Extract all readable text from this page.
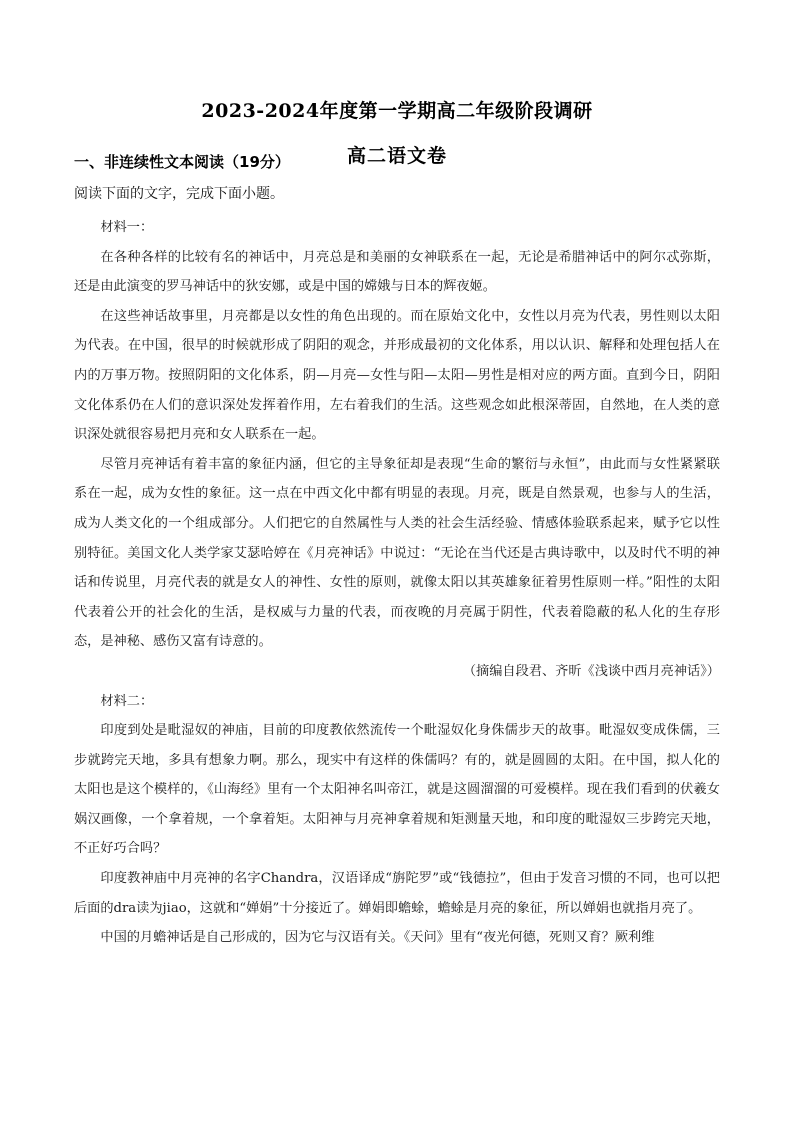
2023-2024年度第一学期高二年级阶段调研
高二语文卷
一、非连续性文本阅读（19分）
阅读下面的文字，完成下面小题。

材料一：

在各种各样的比较有名的神话中，月亮总是和美丽的女神联系在一起，无论是希腊神话中的阿尔忒弥斯，还是由此演变的罗马神话中的狄安娜，或是中国的嫦娥与日本的辉夜姬。

在这些神话故事里，月亮都是以女性的角色出现的。而在原始文化中，女性以月亮为代表，男性则以太阳为代表。在中国，很早的时候就形成了阴阳的观念，并形成最初的文化体系，用以认识、解释和处理包括人在内的万事万物。按照阴阳的文化体系，阴—月亮—女性与阳—太阳—男性是相对应的两方面。直到今日，阴阳文化体系仍在人们的意识深处发挥着作用，左右着我们的生活。这些观念如此根深蒂固，自然地，在人类的意识深处就很容易把月亮和女人联系在一起。

尽管月亮神话有着丰富的象征内涵，但它的主导象征却是表现“生命的繁衍与永恒”，由此而与女性紧紧联系在一起，成为女性的象征。这一点在中西文化中都有明显的表现。月亮，既是自然景观，也参与人的生活，成为人类文化的一个组成部分。人们把它的自然属性与人类的社会生活经验、情感体验联系起来，赋予它以性别特征。美国文化人类学家艾瑟哈婷在《月亮神话》中说过：“无论在当代还是古典诗歌中，以及时代不明的神话和传说里，月亮代表的就是女人的神性、女性的原则，就像太阳以其英雄象征着男性原则一样。”阳性的太阳代表着公开的社会化的生活，是权威与力量的代表，而夜晚的月亮属于阴性，代表着隐蔽的私人化的生存形态，是神秘、感伤又富有诗意的。

（摘编自段君、齐昕《浅谈中西月亮神话》）

材料二：

印度到处是毗湿奴的神庙，目前的印度教依然流传一个毗湿奴化身侏儒步天的故事。毗湿奴变成侏儒，三步就跨完天地，多具有想象力啊。那么，现实中有这样的侏儒吗？有的，就是圆圆的太阳。在中国，拟人化的太阳也是这个模样的，《山海经》里有一个太阳神名叫帝江，就是这圆溜溜的可爱模样。现在我们看到的伏羲女娲汉画像，一个拿着规，一个拿着矩。太阳神与月亮神拿着规和矩测量天地，和印度的毗湿奴三步跨完天地，不正好巧合吗？

印度教神庙中月亮神的名字Chandra，汉语译成“旃陀罗”或“钱德拉”，但由于发音习惯的不同，也可以把后面的dra读为jiao，这就和“婵娟”十分接近了。婵娟即蟾蜍，蟾蜍是月亮的象征，所以婵娟也就指月亮了。

中国的月蟾神话是自己形成的，因为它与汉语有关。《天问》里有“夜光何德，死则又育？厥利维
